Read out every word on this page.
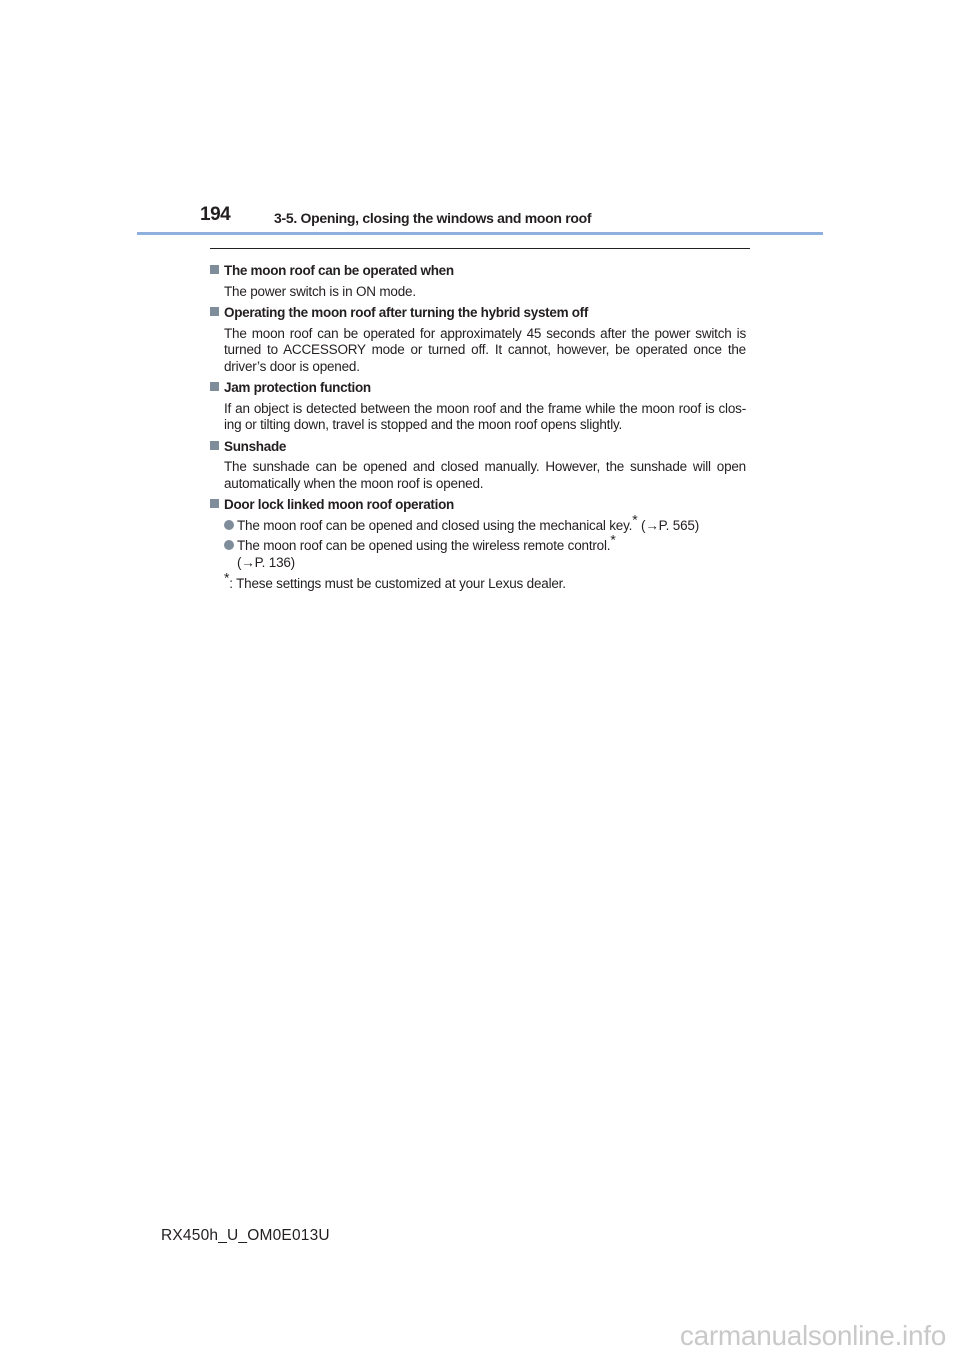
194	3-5. Opening, closing the windows and moon roof
The moon roof can be operated when
The power switch is in ON mode.
Operating the moon roof after turning the hybrid system off
The moon roof can be operated for approximately 45 seconds after the power switch is turned to ACCESSORY mode or turned off. It cannot, however, be operated once the driver’s door is opened.
Jam protection function
If an object is detected between the moon roof and the frame while the moon roof is clos-ing or tilting down, travel is stopped and the moon roof opens slightly.
Sunshade
The sunshade can be opened and closed manually. However, the sunshade will open automatically when the moon roof is opened.
Door lock linked moon roof operation
The moon roof can be opened and closed using the mechanical key.* (→P. 565)
The moon roof can be opened using the wireless remote control.*
(→P. 136)
*: These settings must be customized at your Lexus dealer.
RX450h_U_OM0E013U
carmanualsonline.info
